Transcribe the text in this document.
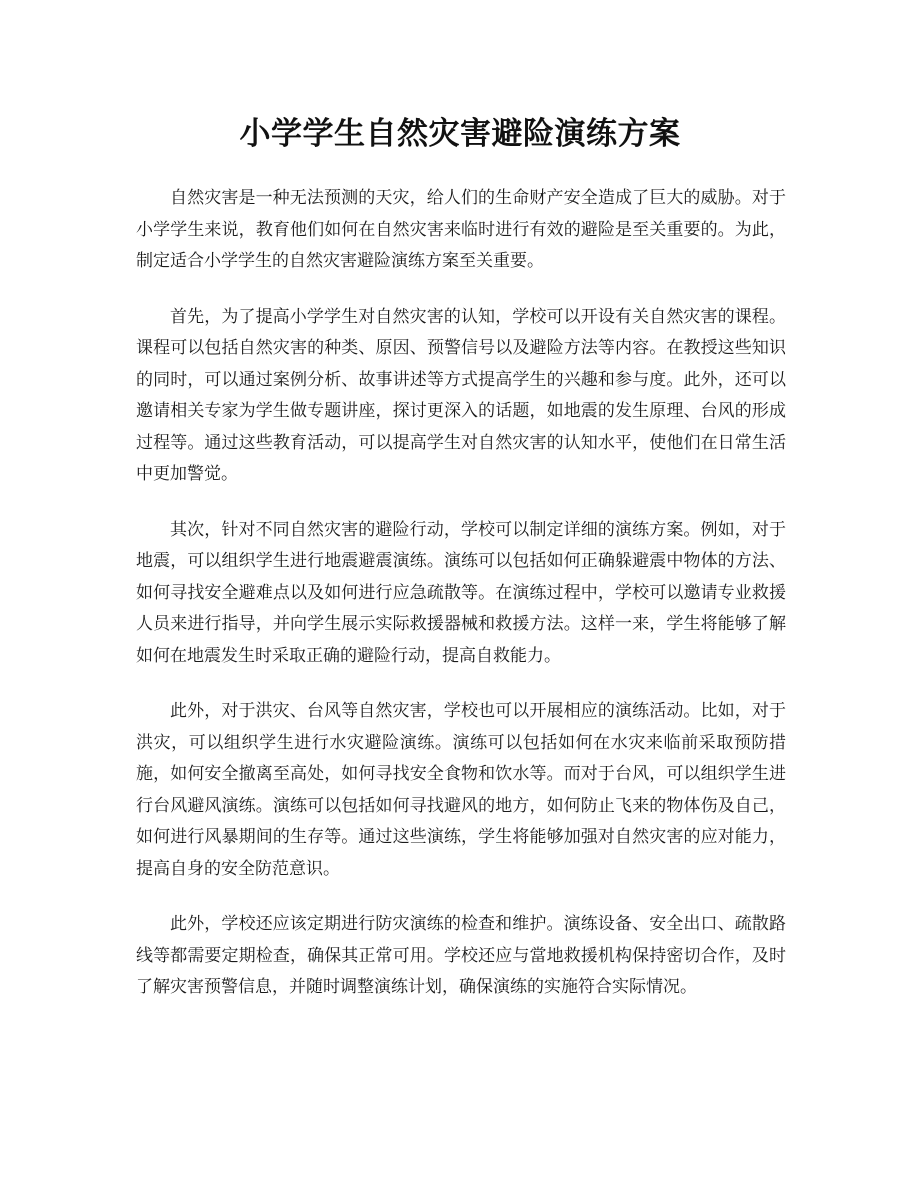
小学学生自然灾害避险演练方案

自然灾害是一种无法预测的天灾，给人们的生命财产安全造成了巨大的威胁。对于小学学生来说，教育他们如何在自然灾害来临时进行有效的避险是至关重要的。为此，制定适合小学学生的自然灾害避险演练方案至关重要。

首先，为了提高小学学生对自然灾害的认知，学校可以开设有关自然灾害的课程。课程可以包括自然灾害的种类、原因、预警信号以及避险方法等内容。在教授这些知识的同时，可以通过案例分析、故事讲述等方式提高学生的兴趣和参与度。此外，还可以邀请相关专家为学生做专题讲座，探讨更深入的话题，如地震的发生原理、台风的形成过程等。通过这些教育活动，可以提高学生对自然灾害的认知水平，使他们在日常生活中更加警觉。

其次，针对不同自然灾害的避险行动，学校可以制定详细的演练方案。例如，对于地震，可以组织学生进行地震避震演练。演练可以包括如何正确躲避震中物体的方法、如何寻找安全避难点以及如何进行应急疏散等。在演练过程中，学校可以邀请专业救援人员来进行指导，并向学生展示实际救援器械和救援方法。这样一来，学生将能够了解如何在地震发生时采取正确的避险行动，提高自救能力。

此外，对于洪灾、台风等自然灾害，学校也可以开展相应的演练活动。比如，对于洪灾，可以组织学生进行水灾避险演练。演练可以包括如何在水灾来临前采取预防措施，如何安全撤离至高处，如何寻找安全食物和饮水等。而对于台风，可以组织学生进行台风避风演练。演练可以包括如何寻找避风的地方，如何防止飞来的物体伤及自己，如何进行风暴期间的生存等。通过这些演练，学生将能够加强对自然灾害的应对能力，提高自身的安全防范意识。

此外，学校还应该定期进行防灾演练的检查和维护。演练设备、安全出口、疏散路线等都需要定期检查，确保其正常可用。学校还应与當地救援机构保持密切合作，及时了解灾害预警信息，并随时调整演练计划，确保演练的实施符合实际情况。
